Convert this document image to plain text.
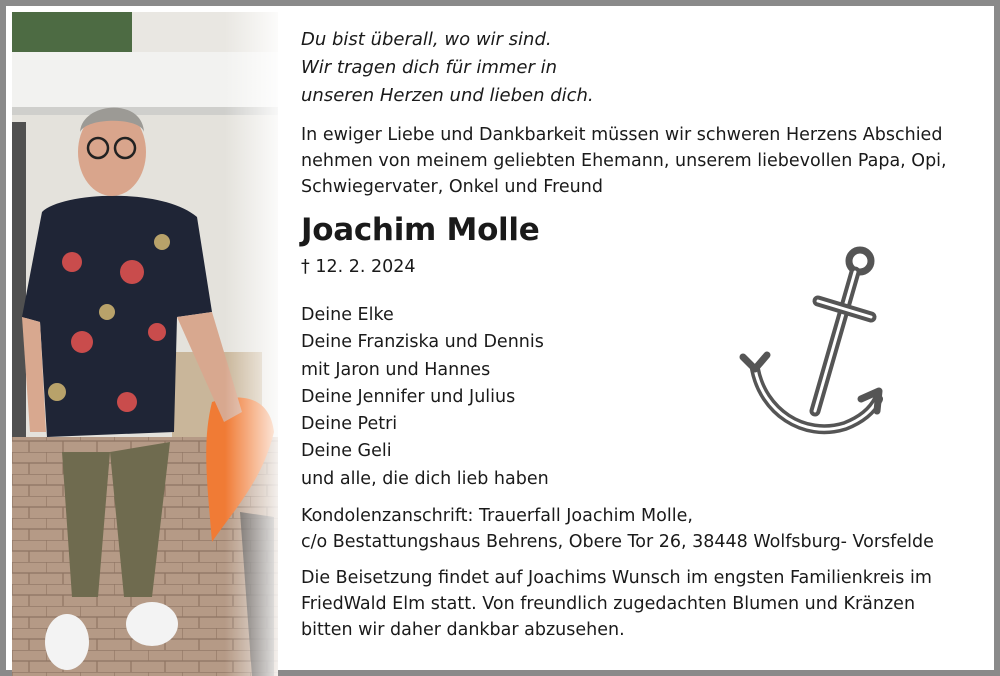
Du bist überall, wo wir sind.
Wir tragen dich für immer in
unseren Herzen und lieben dich.
In ewiger Liebe und Dankbarkeit müssen wir schweren Herzens Abschied
nehmen von meinem geliebten Ehemann, unserem liebevollen Papa, Opi,
Schwiegervater, Onkel und Freund
Joachim Molle
† 12. 2. 2024
Deine Elke
Deine Franziska und Dennis
mit Jaron und Hannes
Deine Jennifer und Julius
Deine Petri
Deine Geli
und alle, die dich lieb haben
Kondolenzanschrift: Trauerfall Joachim Molle,
c/o Bestattungshaus Behrens, Obere Tor 26, 38448 Wolfsburg- Vorsfelde
Die Beisetzung findet auf Joachims Wunsch im engsten Familienkreis im
FriedWald Elm statt. Von freundlich zugedachten Blumen und Kränzen
bitten wir daher dankbar abzusehen.
